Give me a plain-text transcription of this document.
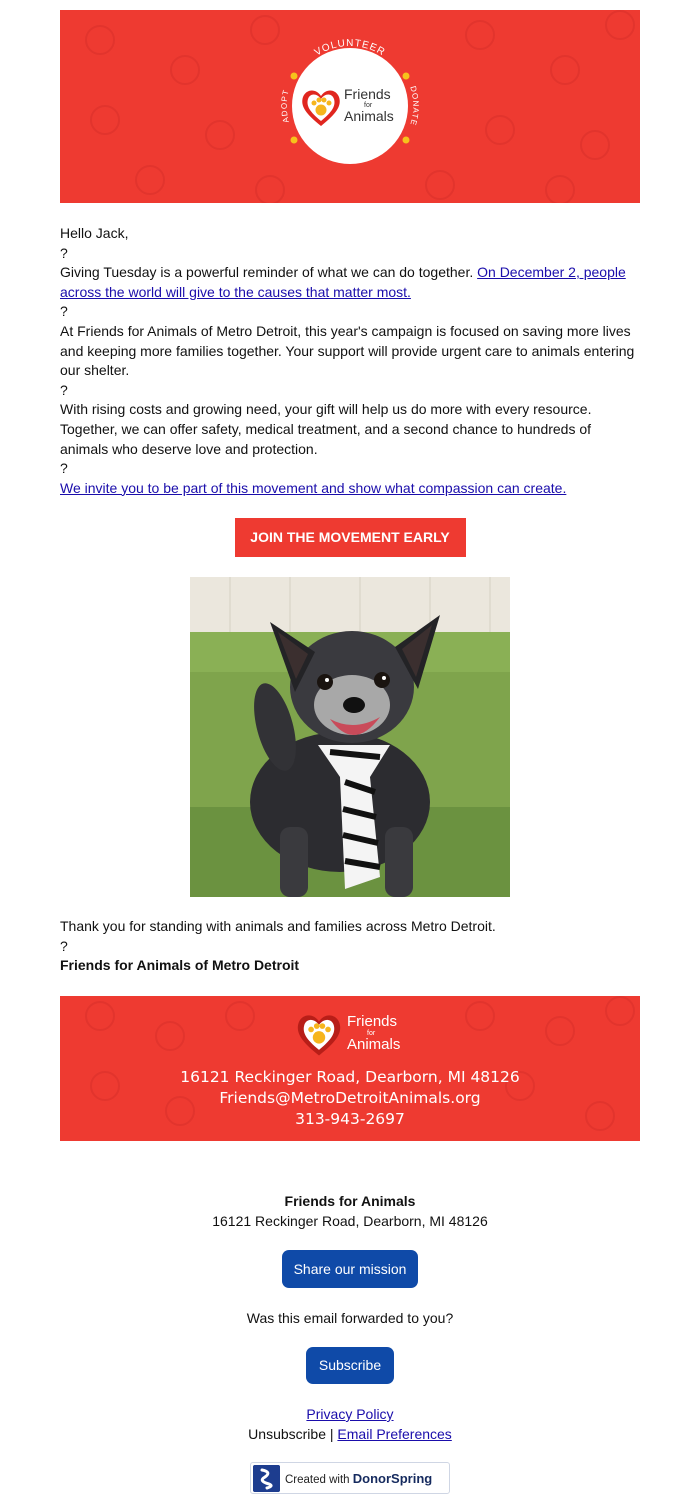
VOLUNTEER
ADOPT	DONATE
MetroDetroitAnimals.org
Friends
for
Animals

Hello Jack,

?

Giving Tuesday is a powerful reminder of what we can do together. On December 2, people across the world will give to the causes that matter most.

?

At Friends for Animals of Metro Detroit, this year's campaign is focused on saving more lives and keeping more families together. Your support will provide urgent care to animals entering our shelter.

?

With rising costs and growing need, your gift will help us do more with every resource. Together, we can offer safety, medical treatment, and a second chance to hundreds of animals who deserve love and protection.

?

We invite you to be part of this movement and show what compassion can create.

JOIN THE MOVEMENT EARLY

Thank you for standing with animals and families across Metro Detroit.

?

Friends for Animals of Metro Detroit

Friends
for
Animals
16121 Reckinger Road, Dearborn, MI 48126
Friends@MetroDetroitAnimals.org
313-943-2697
Friends for Animals
16121 Reckinger Road, Dearborn, MI 48126
Share our mission
Was this email forwarded to you?
Subscribe
Privacy Policy
Unsubscribe | Email Preferences
Created with DonorSpring
